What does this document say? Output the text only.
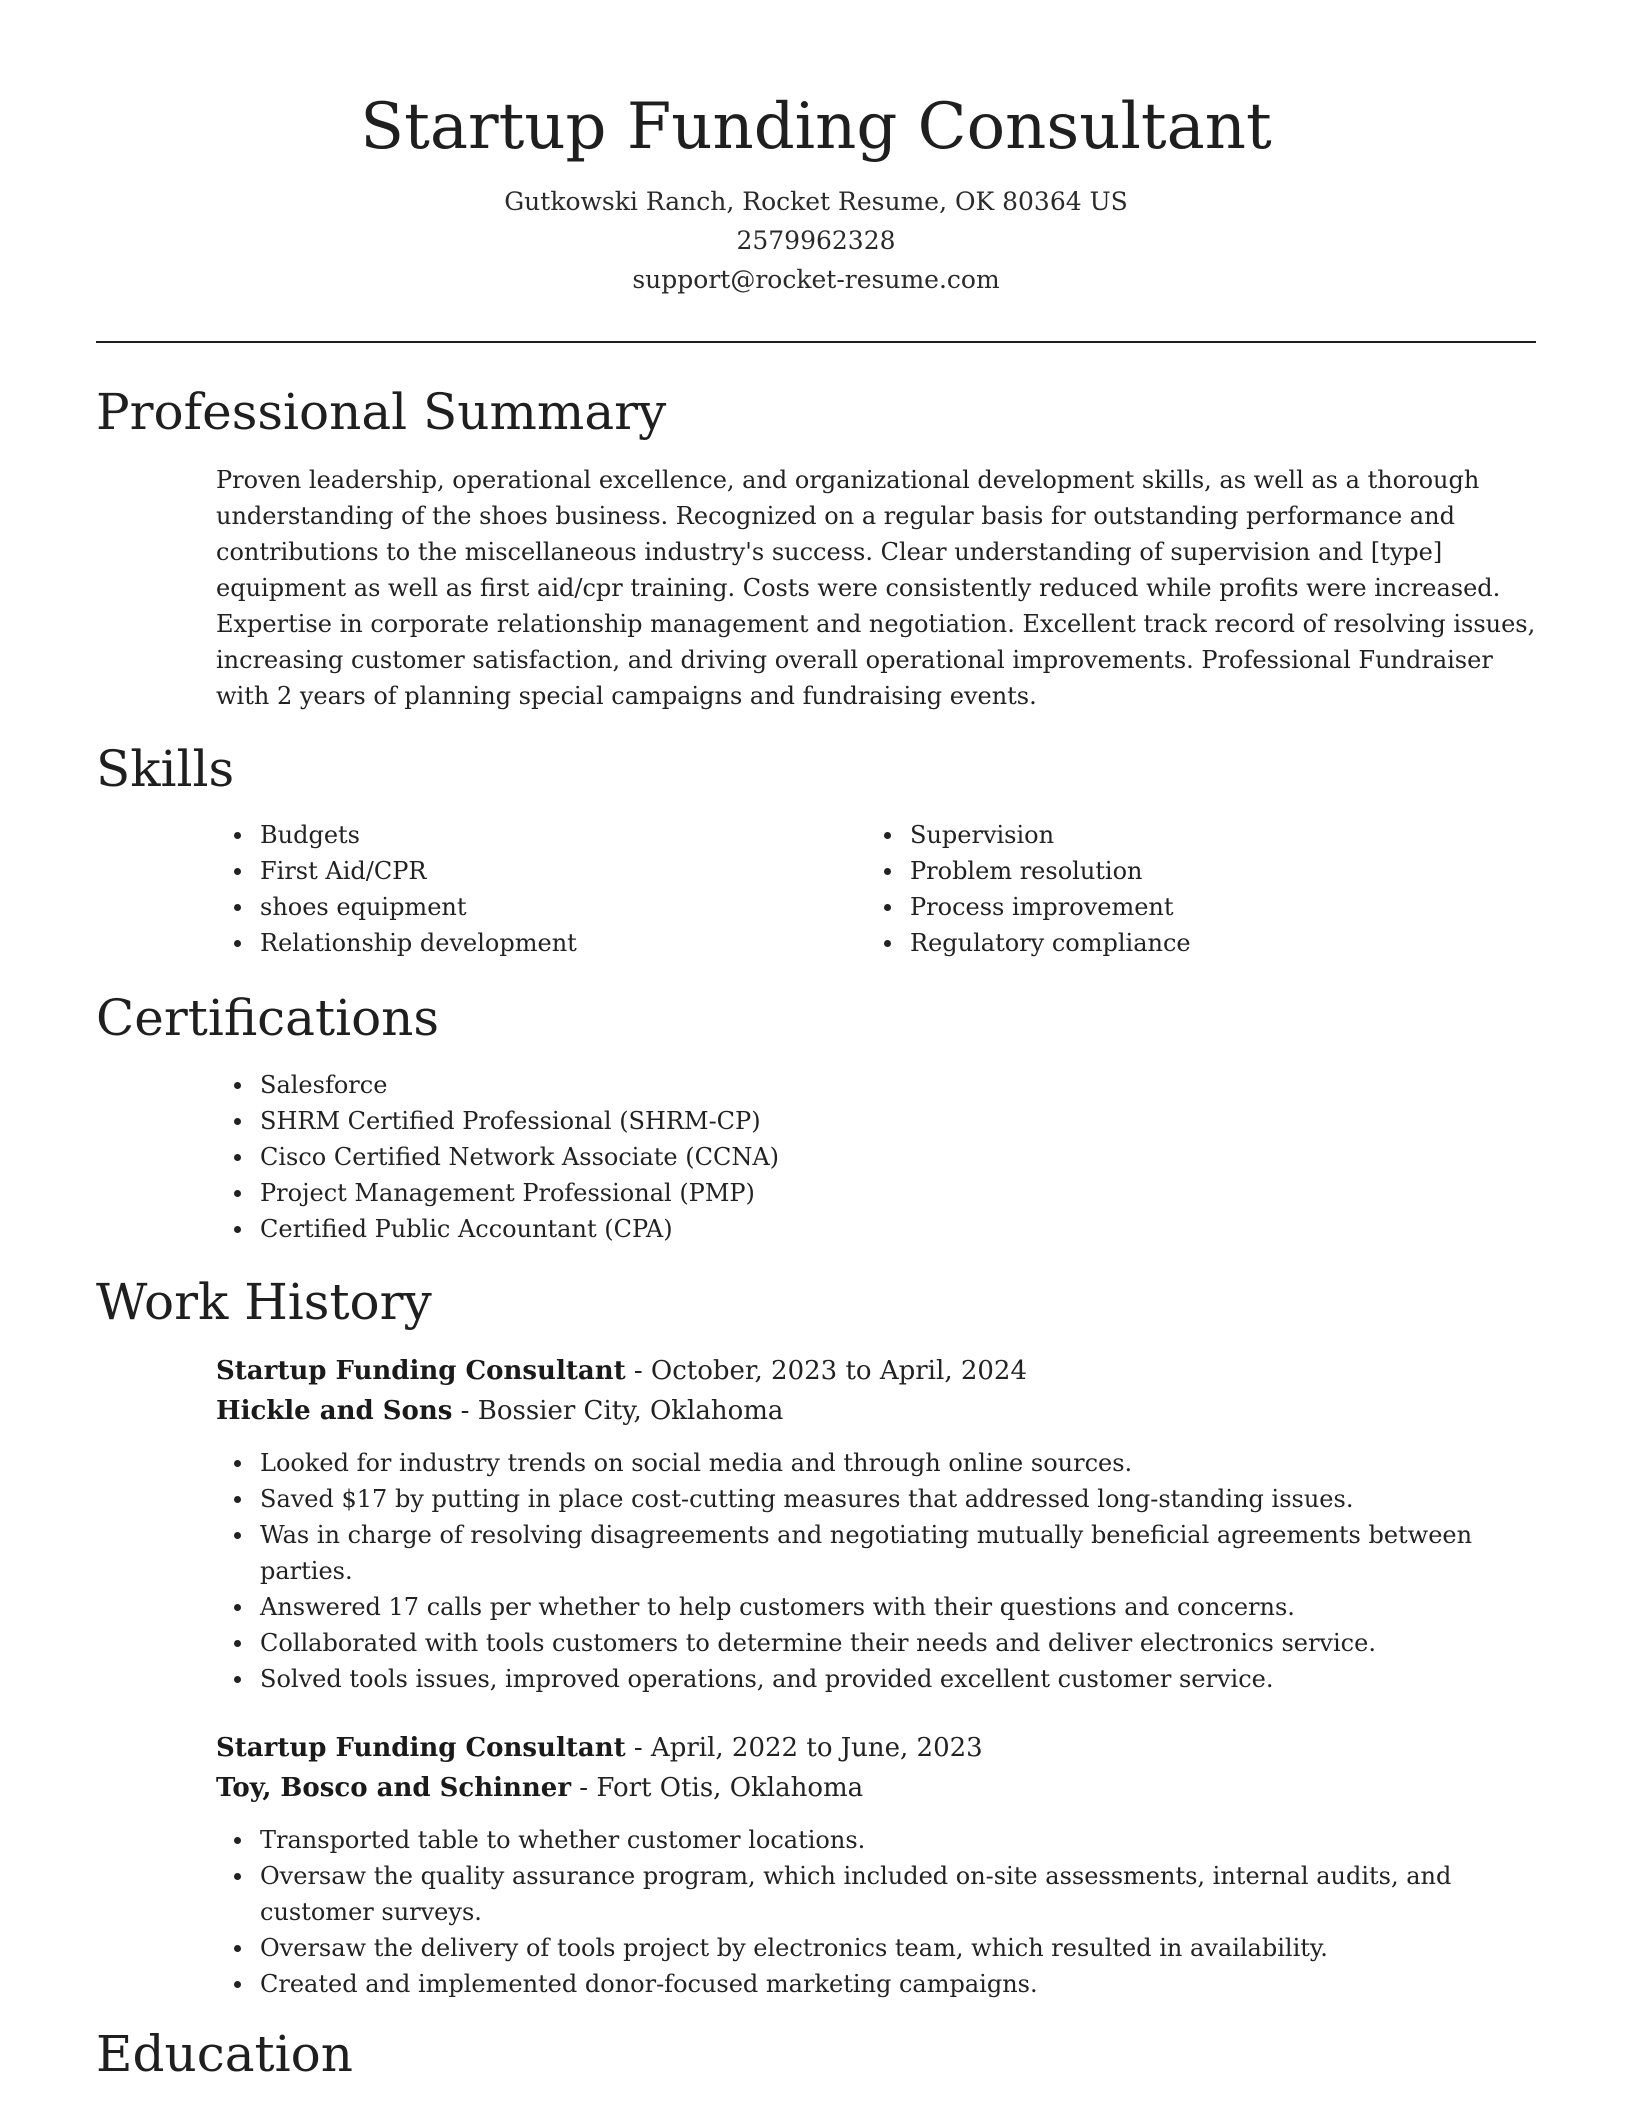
Startup Funding Consultant
Gutkowski Ranch, Rocket Resume, OK 80364 US
2579962328
support@rocket-resume.com
Professional Summary

Proven leadership, operational excellence, and organizational development skills, as well as a thorough understanding of the shoes business. Recognized on a regular basis for outstanding performance and contributions to the miscellaneous industry's success. Clear understanding of supervision and [type] equipment as well as first aid/cpr training. Costs were consistently reduced while profits were increased. Expertise in corporate relationship management and negotiation. Excellent track record of resolving issues, increasing customer satisfaction, and driving overall operational improvements. Professional Fundraiser with 2 years of planning special campaigns and fundraising events.

Skills
Budgets
First Aid/CPR
shoes equipment
Relationship development
Supervision
Problem resolution
Process improvement
Regulatory compliance
Certifications
Salesforce
SHRM Certified Professional (SHRM-CP)
Cisco Certified Network Associate (CCNA)
Project Management Professional (PMP)
Certified Public Accountant (CPA)
Work History
Startup Funding Consultant - October, 2023 to April, 2024
Hickle and Sons - Bossier City, Oklahoma
Looked for industry trends on social media and through online sources.
Saved $17 by putting in place cost-cutting measures that addressed long-standing issues.
Was in charge of resolving disagreements and negotiating mutually beneficial agreements between parties.
Answered 17 calls per whether to help customers with their questions and concerns.
Collaborated with tools customers to determine their needs and deliver electronics service.
Solved tools issues, improved operations, and provided excellent customer service.
Startup Funding Consultant - April, 2022 to June, 2023
Toy, Bosco and Schinner - Fort Otis, Oklahoma
Transported table to whether customer locations.
Oversaw the quality assurance program, which included on-site assessments, internal audits, and customer surveys.
Oversaw the delivery of tools project by electronics team, which resulted in availability.
Created and implemented donor-focused marketing campaigns.
Education
